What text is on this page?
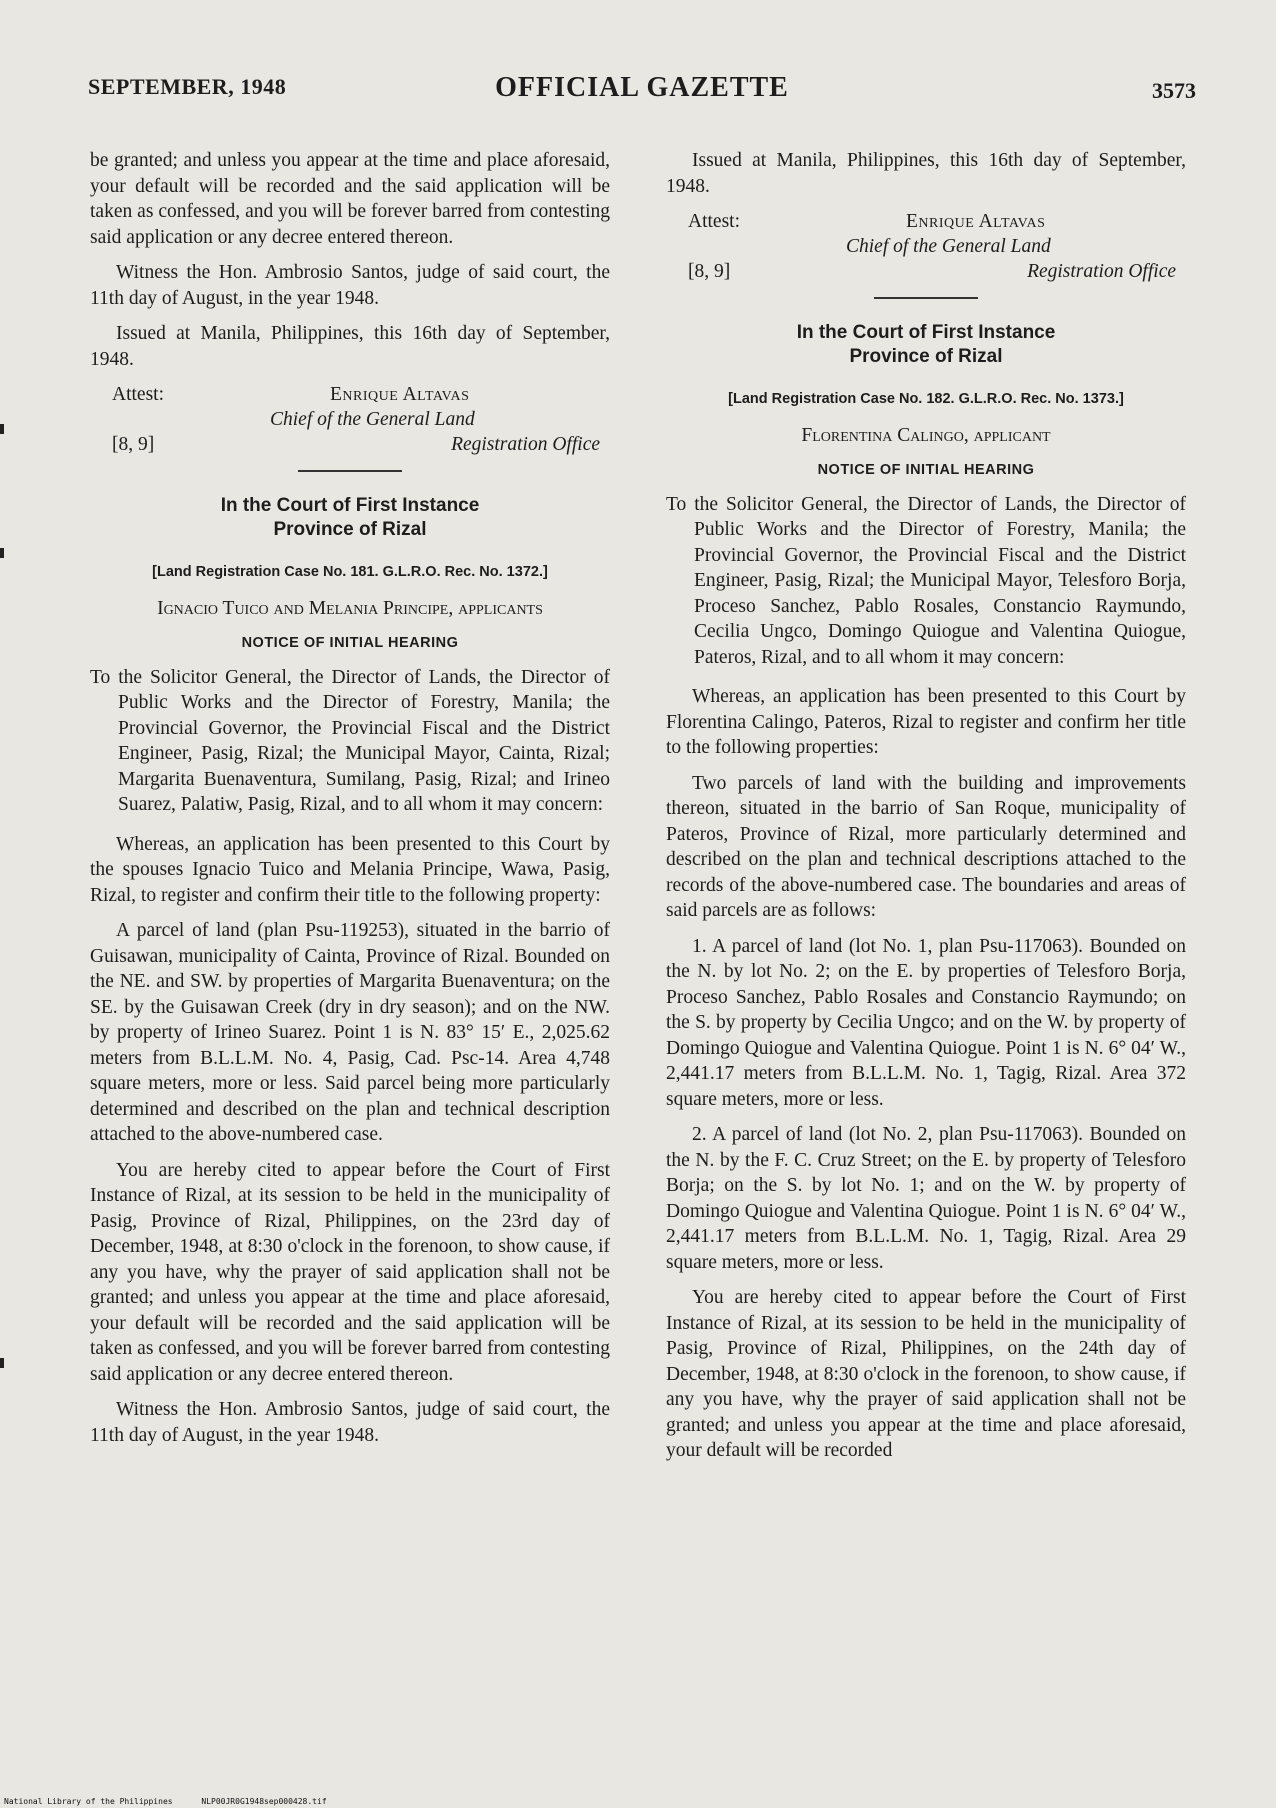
SEPTEMBER, 1948	OFFICIAL GAZETTE	3573

be granted; and unless you appear at the time and place aforesaid, your default will be recorded and the said application will be taken as confessed, and you will be forever barred from contesting said application or any decree entered thereon.

Witness the Hon. Ambrosio Santos, judge of said court, the 11th day of August, in the year 1948.

Issued at Manila, Philippines, this 16th day of September, 1948.

Attest:	Enrique Altavas
Chief of the General Land
[8, 9]	Registration Office
In the Court of First Instance
Province of Rizal
[Land Registration Case No. 181. G.L.R.O. Rec. No. 1372.]
Ignacio Tuico and Melania Principe, applicants
NOTICE OF INITIAL HEARING
To the Solicitor General, the Director of Lands, the Director of Public Works and the Director of Forestry, Manila; the Provincial Governor, the Provincial Fiscal and the District Engineer, Pasig, Rizal; the Municipal Mayor, Cainta, Rizal; Margarita Buenaventura, Sumilang, Pasig, Rizal; and Irineo Suarez, Palatiw, Pasig, Rizal, and to all whom it may concern:

Whereas, an application has been presented to this Court by the spouses Ignacio Tuico and Melania Principe, Wawa, Pasig, Rizal, to register and confirm their title to the following property:

A parcel of land (plan Psu-119253), situated in the barrio of Guisawan, municipality of Cainta, Province of Rizal. Bounded on the NE. and SW. by properties of Margarita Buenaventura; on the SE. by the Guisawan Creek (dry in dry season); and on the NW. by property of Irineo Suarez. Point 1 is N. 83° 15′ E., 2,025.62 meters from B.L.L.M. No. 4, Pasig, Cad. Psc-14. Area 4,748 square meters, more or less. Said parcel being more particularly determined and described on the plan and technical description attached to the above-numbered case.

You are hereby cited to appear before the Court of First Instance of Rizal, at its session to be held in the municipality of Pasig, Province of Rizal, Philippines, on the 23rd day of December, 1948, at 8:30 o'clock in the forenoon, to show cause, if any you have, why the prayer of said application shall not be granted; and unless you appear at the time and place aforesaid, your default will be recorded and the said application will be taken as confessed, and you will be forever barred from contesting said application or any decree entered thereon.

Witness the Hon. Ambrosio Santos, judge of said court, the 11th day of August, in the year 1948.

Issued at Manila, Philippines, this 16th day of September, 1948.

Attest:	Enrique Altavas
Chief of the General Land
[8, 9]	Registration Office
In the Court of First Instance
Province of Rizal
[Land Registration Case No. 182. G.L.R.O. Rec. No. 1373.]
Florentina Calingo, applicant
NOTICE OF INITIAL HEARING
To the Solicitor General, the Director of Lands, the Director of Public Works and the Director of Forestry, Manila; the Provincial Governor, the Provincial Fiscal and the District Engineer, Pasig, Rizal; the Municipal Mayor, Telesforo Borja, Proceso Sanchez, Pablo Rosales, Constancio Raymundo, Cecilia Ungco, Domingo Quiogue and Valentina Quiogue, Pateros, Rizal, and to all whom it may concern:

Whereas, an application has been presented to this Court by Florentina Calingo, Pateros, Rizal to register and confirm her title to the following properties:

Two parcels of land with the building and improvements thereon, situated in the barrio of San Roque, municipality of Pateros, Province of Rizal, more particularly determined and described on the plan and technical descriptions attached to the records of the above-numbered case. The boundaries and areas of said parcels are as follows:

1. A parcel of land (lot No. 1, plan Psu-117063). Bounded on the N. by lot No. 2; on the E. by properties of Telesforo Borja, Proceso Sanchez, Pablo Rosales and Constancio Raymundo; on the S. by property by Cecilia Ungco; and on the W. by property of Domingo Quiogue and Valentina Quiogue. Point 1 is N. 6° 04′ W., 2,441.17 meters from B.L.L.M. No. 1, Tagig, Rizal. Area 372 square meters, more or less.

2. A parcel of land (lot No. 2, plan Psu-117063). Bounded on the N. by the F. C. Cruz Street; on the E. by property of Telesforo Borja; on the S. by lot No. 1; and on the W. by property of Domingo Quiogue and Valentina Quiogue. Point 1 is N. 6° 04′ W., 2,441.17 meters from B.L.L.M. No. 1, Tagig, Rizal. Area 29 square meters, more or less.

You are hereby cited to appear before the Court of First Instance of Rizal, at its session to be held in the municipality of Pasig, Province of Rizal, Philippines, on the 24th day of December, 1948, at 8:30 o'clock in the forenoon, to show cause, if any you have, why the prayer of said application shall not be granted; and unless you appear at the time and place aforesaid, your default will be recorded

National Library of the Philippines	NLP00JR0G1948sep000428.tif
